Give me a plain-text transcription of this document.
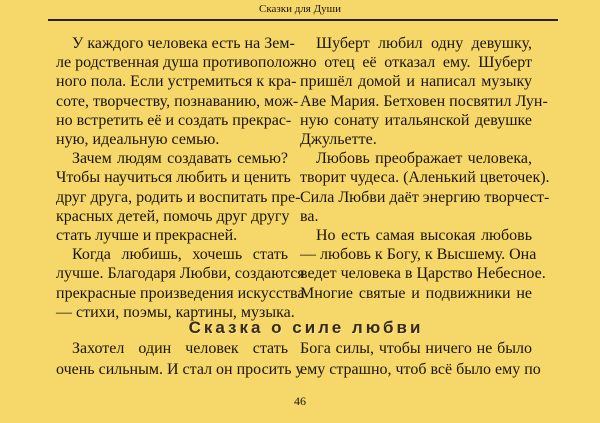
Сказки для Души
У каждого человека есть на Зем-
ле родственная душа противополож-
ного пола. Если устремиться к кра-
соте, творчеству, познаванию, мож-
но встретить её и создать прекрас-
ную, идеальную семью.
Зачем людям создавать семью?
Чтобы научиться любить и ценить
друг друга, родить и воспитать пре-
красных детей, помочь друг другу
стать лучше и прекрасней.
Когда любишь, хочешь стать
лучше. Благодаря Любви, создаются
прекрасные произведения искусства
— стихи, поэмы, картины, музыка.
Шуберт любил одну девушку,
но отец её отказал ему. Шуберт
пришёл домой и написал музыку
Аве Мария. Бетховен посвятил Лун-
ную сонату итальянской девушке
Джульетте.
Любовь преображает человека,
творит чудеса. (Аленький цветочек).
Сила Любви даёт энергию творчест-
ва.
Но есть самая высокая любовь
— любовь к Богу, к Высшему. Она
ведет человека в Царство Небесное.
Многие святые и подвижники не
Сказка о силе любви
Захотел один человек стать
очень сильным. И стал он просить у
Бога силы, чтобы ничего не было
ему страшно, чтоб всё было ему по
46
